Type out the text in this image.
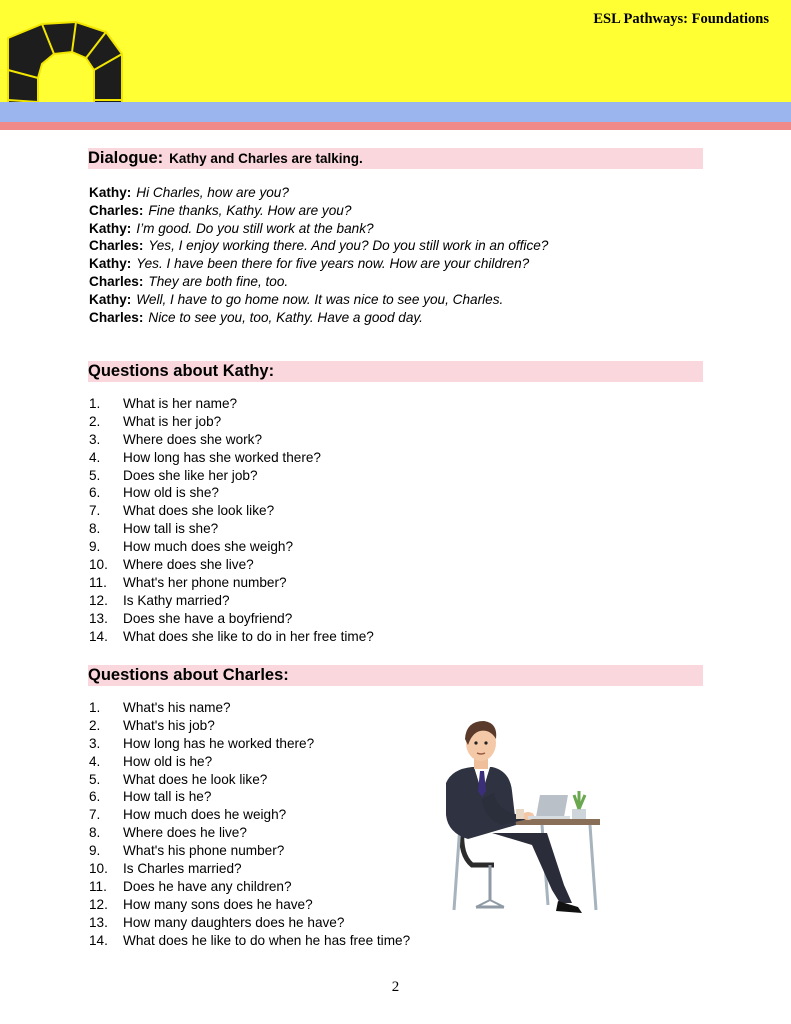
ESL Pathways: Foundations
Dialogue: Kathy and Charles are talking.
Kathy: Hi Charles, how are you?
Charles: Fine thanks, Kathy. How are you?
Kathy: I’m good. Do you still work at the bank?
Charles: Yes, I enjoy working there. And you? Do you still work in an office?
Kathy: Yes. I have been there for five years now. How are your children?
Charles: They are both fine, too.
Kathy: Well, I have to go home now. It was nice to see you, Charles.
Charles: Nice to see you, too, Kathy. Have a good day.
Questions about Kathy:
1. What is her name?
2. What is her job?
3. Where does she work?
4. How long has she worked there?
5. Does she like her job?
6. How old is she?
7. What does she look like?
8. How tall is she?
9. How much does she weigh?
10. Where does she live?
11. What's her phone number?
12. Is Kathy married?
13. Does she have a boyfriend?
14. What does she like to do in her free time?
Questions about Charles:
1. What's his name?
2. What's his job?
3. How long has he worked there?
4. How old is he?
5. What does he look like?
6. How tall is he?
7. How much does he weigh?
8. Where does he live?
9. What's his phone number?
10. Is Charles married?
11. Does he have any children?
12. How many sons does he have?
13. How many daughters does he have?
14. What does he like to do when he has free time?
2
